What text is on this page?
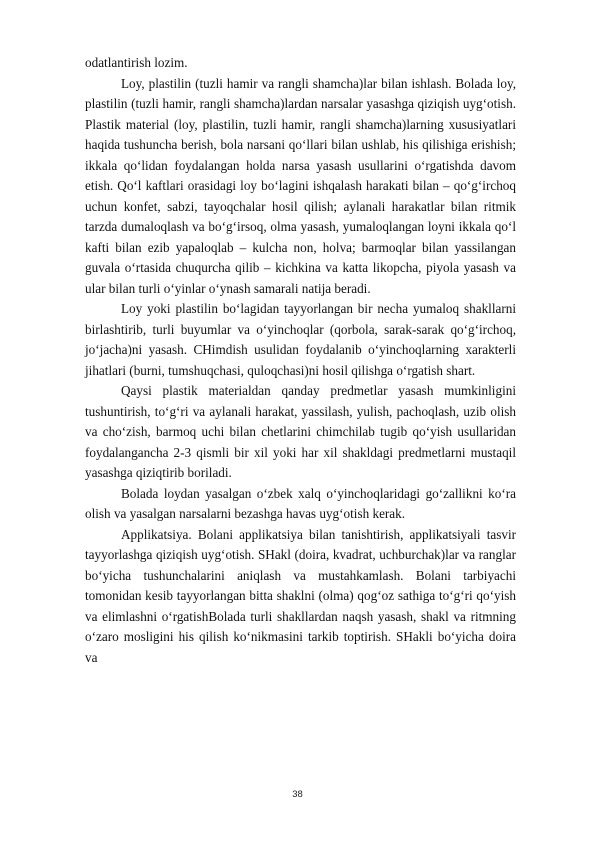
odatlantirish lozim.

Loy, plastilin (tuzli hamir va rangli shamcha)lar bilan ishlash. Bolada loy, plastilin (tuzli hamir, rangli shamcha)lardan narsalar yasashga qiziqish uyg‘otish. Plastik material (loy, plastilin, tuzli hamir, rangli shamcha)larning xususiyatlari haqida tushuncha berish, bola narsani qo‘llari bilan ushlab, his qilishiga erishish; ikkala qo‘lidan foydalangan holda narsa yasash usullarini o‘rgatishda davom etish. Qo‘l kaftlari orasidagi loy bo‘lagini ishqalash harakati bilan – qo‘g‘irchoq uchun konfet, sabzi, tayoqchalar hosil qilish; aylanali harakatlar bilan ritmik tarzda dumaloqlash va bo‘g‘irsoq, olma yasash, yumaloqlangan loyni ikkala qo‘l kafti bilan ezib yapaloqlab – kulcha non, holva; barmoqlar bilan yassilangan guvala o‘rtasida chuqurcha qilib – kichkina va katta likopcha, piyola yasash va ular bilan turli o‘yinlar o‘ynash samarali natija beradi.

Loy yoki plastilin bo‘lagidan tayyorlangan bir necha yumaloq shakllarni birlashtirib, turli buyumlar va o‘yinchoqlar (qorbola, sarak-sarak qo‘g‘irchoq, jo‘jacha)ni yasash. CHimdish usulidan foydalanib o‘yinchoqlarning xarakterli jihatlari (burni, tumshuqchasi, quloqchasi)ni hosil qilishga o‘rgatish shart.

Qaysi plastik materialdan qanday predmetlar yasash mumkinligini tushuntirish, to‘g‘ri va aylanali harakat, yassilash, yulish, pachoqlash, uzib olish va cho‘zish, barmoq uchi bilan chetlarini chimchilab tugib qo‘yish usullaridan foydalangancha 2-3 qismli bir xil yoki har xil shakldagi predmetlarni mustaqil yasashga qiziqtirib boriladi.

Bolada loydan yasalgan o‘zbek xalq o‘yinchoqlaridagi go‘zallikni ko‘ra olish va yasalgan narsalarni bezashga havas uyg‘otish kerak.

Applikatsiya. Bolani applikatsiya bilan tanishtirish, applikatsiyali tasvir tayyorlashga qiziqish uyg‘otish. SHakl (doira, kvadrat, uchburchak)lar va ranglar bo‘yicha tushunchalarini aniqlash va mustahkamlash. Bolani tarbiyachi tomonidan kesib tayyorlangan bitta shaklni (olma) qog‘oz sathiga to‘g‘ri qo‘yish va elimlashni o‘rgatishBolada turli shakllardan naqsh yasash, shakl va ritmning o‘zaro mosligini his qilish ko‘nikmasini tarkib toptirish. SHakli bo‘yicha doira va

38
